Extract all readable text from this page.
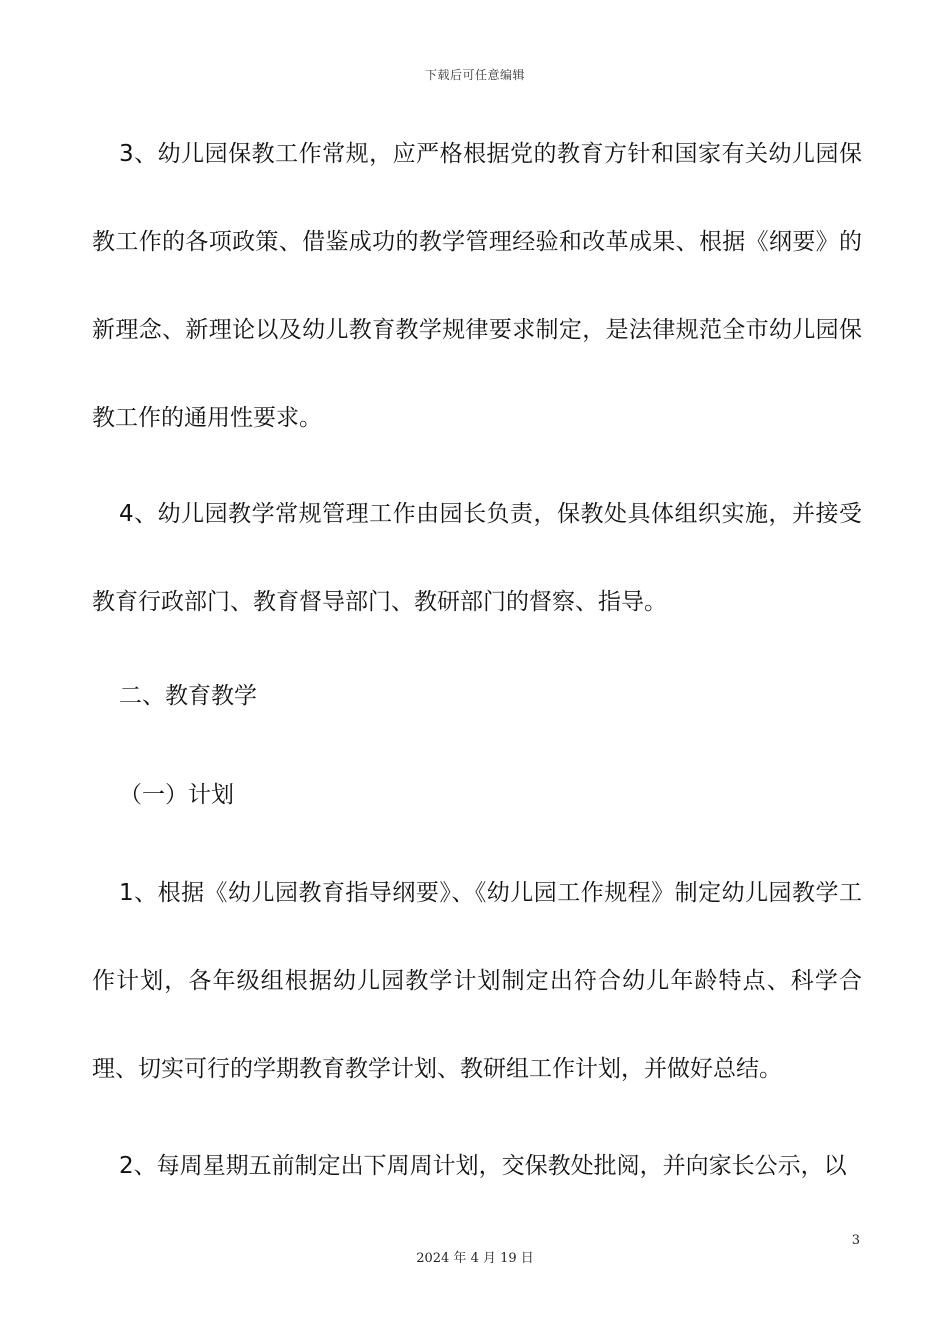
下载后可任意编辑

3、幼儿园保教工作常规，应严格根据党的教育方针和国家有关幼儿园保教工作的各项政策、借鉴成功的教学管理经验和改革成果、根据《纲要》的新理念、新理论以及幼儿教育教学规律要求制定，是法律规范全市幼儿园保教工作的通用性要求。

4、幼儿园教学常规管理工作由园长负责，保教处具体组织实施，并接受教育行政部门、教育督导部门、教研部门的督察、指导。

二、教育教学

（一）计划

1、根据《幼儿园教育指导纲要》、《幼儿园工作规程》制定幼儿园教学工作计划，各年级组根据幼儿园教学计划制定出符合幼儿年龄特点、科学合理、切实可行的学期教育教学计划、教研组工作计划，并做好总结。

2、每周星期五前制定出下周周计划，交保教处批阅，并向家长公示，以

3
2024 年 4 月 19 日
